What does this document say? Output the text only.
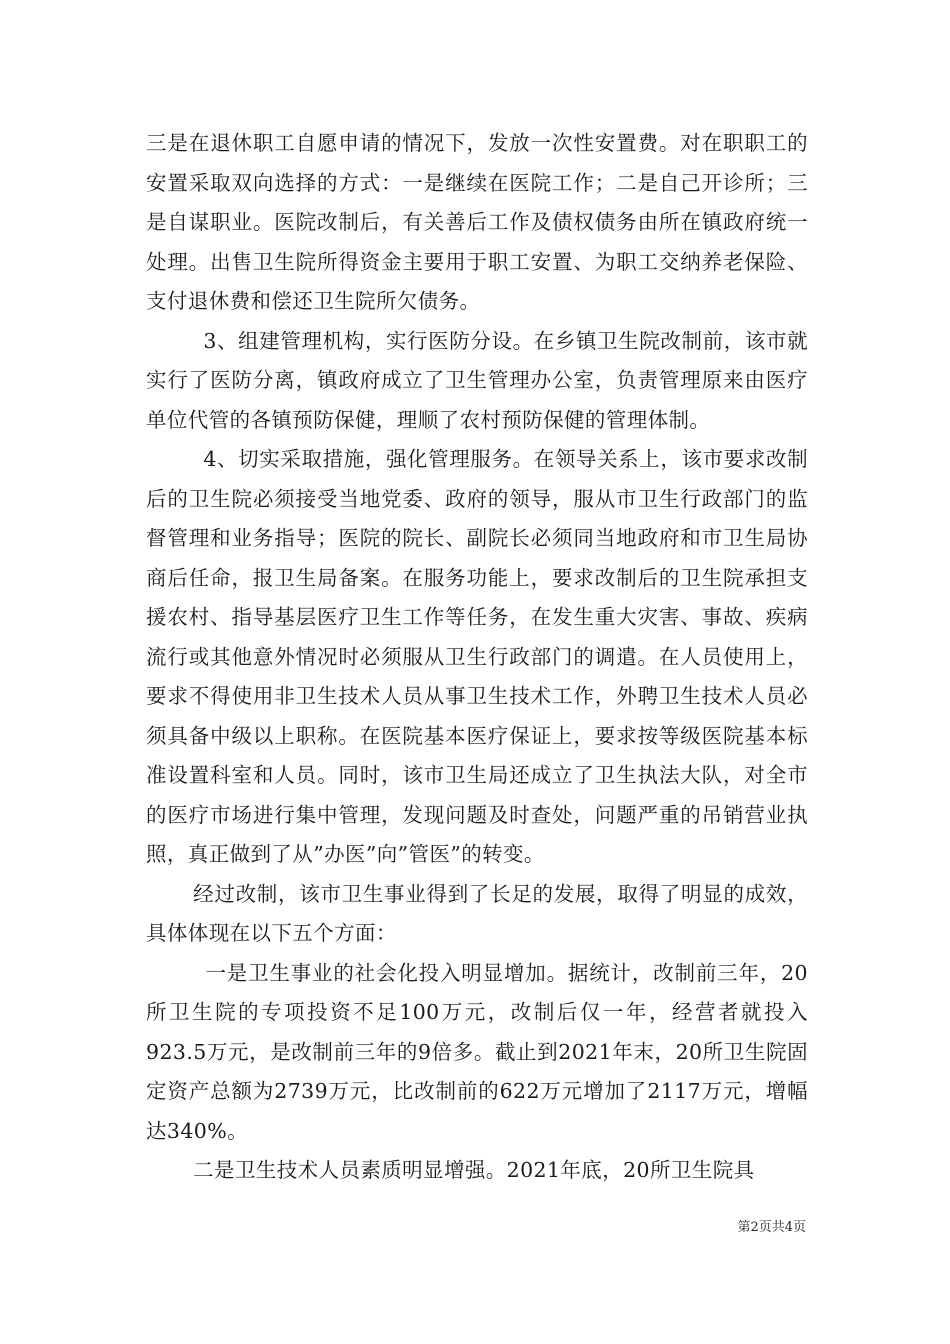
三是在退休职工自愿申请的情况下，发放一次性安置费。对在职职工的安置采取双向选择的方式：一是继续在医院工作；二是自己开诊所；三是自谋职业。医院改制后，有关善后工作及债权债务由所在镇政府统一处理。出售卫生院所得资金主要用于职工安置、为职工交纳养老保险、支付退休费和偿还卫生院所欠债务。

3、组建管理机构，实行医防分设。在乡镇卫生院改制前，该市就实行了医防分离，镇政府成立了卫生管理办公室，负责管理原来由医疗单位代管的各镇预防保健，理顺了农村预防保健的管理体制。

4、切实采取措施，强化管理服务。在领导关系上，该市要求改制后的卫生院必须接受当地党委、政府的领导，服从市卫生行政部门的监督管理和业务指导；医院的院长、副院长必须同当地政府和市卫生局协商后任命，报卫生局备案。在服务功能上，要求改制后的卫生院承担支援农村、指导基层医疗卫生工作等任务，在发生重大灾害、事故、疾病流行或其他意外情况时必须服从卫生行政部门的调遣。在人员使用上，要求不得使用非卫生技术人员从事卫生技术工作，外聘卫生技术人员必须具备中级以上职称。在医院基本医疗保证上，要求按等级医院基本标准设置科室和人员。同时，该市卫生局还成立了卫生执法大队，对全市的医疗市场进行集中管理，发现问题及时查处，问题严重的吊销营业执照，真正做到了从”办医”向”管医”的转变。

经过改制，该市卫生事业得到了长足的发展，取得了明显的成效，具体体现在以下五个方面：

一是卫生事业的社会化投入明显增加。据统计，改制前三年，20所卫生院的专项投资不足100万元，改制后仅一年，经营者就投入923.5万元，是改制前三年的9倍多。截止到2021年末，20所卫生院固定资产总额为2739万元，比改制前的622万元增加了2117万元，增幅达340%。

二是卫生技术人员素质明显增强。2021年底，20所卫生院具

第2页共4页
